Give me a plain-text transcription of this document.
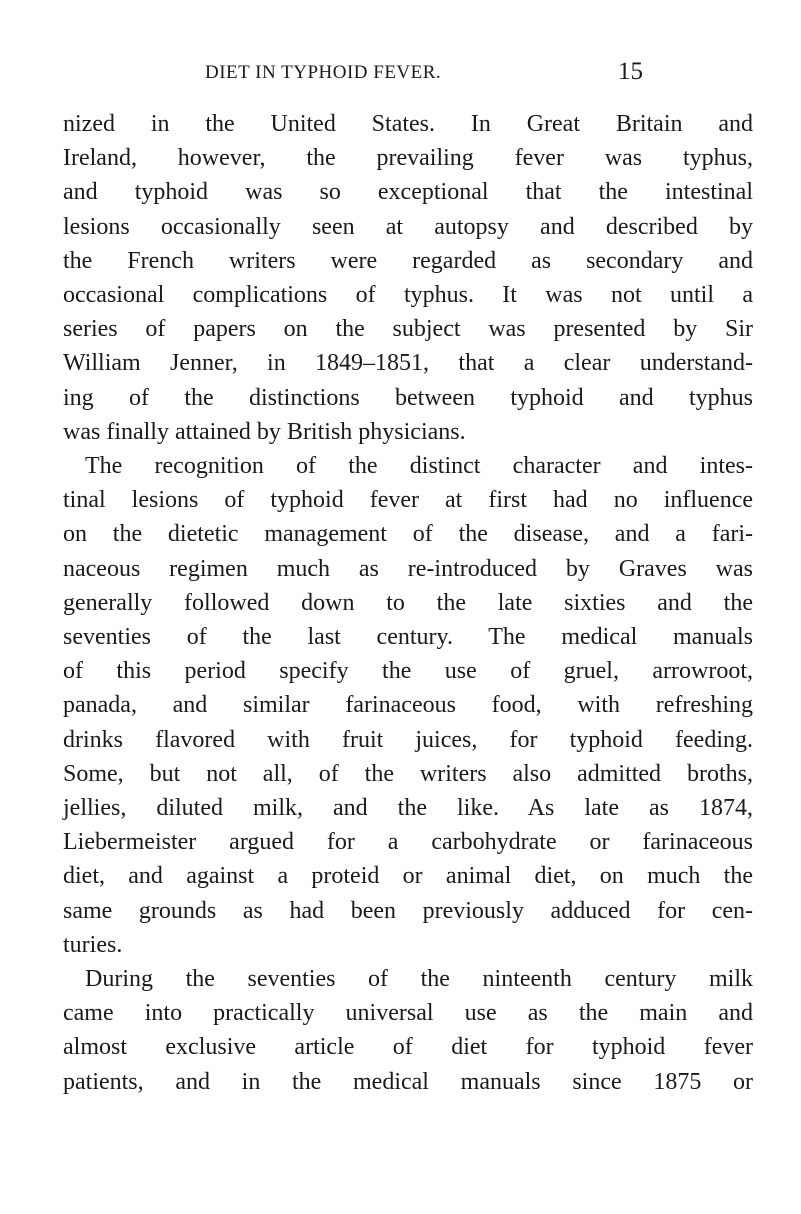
DIET IN TYPHOID FEVER.	15
nized in the United States. In Great Britain and
Ireland, however, the prevailing fever was typhus,
and typhoid was so exceptional that the intestinal
lesions occasionally seen at autopsy and described by
the French writers were regarded as secondary and
occasional complications of typhus. It was not until a
series of papers on the subject was presented by Sir
William Jenner, in 1849–1851, that a clear understand-
ing of the distinctions between typhoid and typhus
was finally attained by British physicians.
The recognition of the distinct character and intes-
tinal lesions of typhoid fever at first had no influence
on the dietetic management of the disease, and a fari-
naceous regimen much as re-introduced by Graves was
generally followed down to the late sixties and the
seventies of the last century. The medical manuals
of this period specify the use of gruel, arrowroot,
panada, and similar farinaceous food, with refreshing
drinks flavored with fruit juices, for typhoid feeding.
Some, but not all, of the writers also admitted broths,
jellies, diluted milk, and the like. As late as 1874,
Liebermeister argued for a carbohydrate or farinaceous
diet, and against a proteid or animal diet, on much the
same grounds as had been previously adduced for cen-
turies.
During the seventies of the ninteenth century milk
came into practically universal use as the main and
almost exclusive article of diet for typhoid fever
patients, and in the medical manuals since 1875 or
